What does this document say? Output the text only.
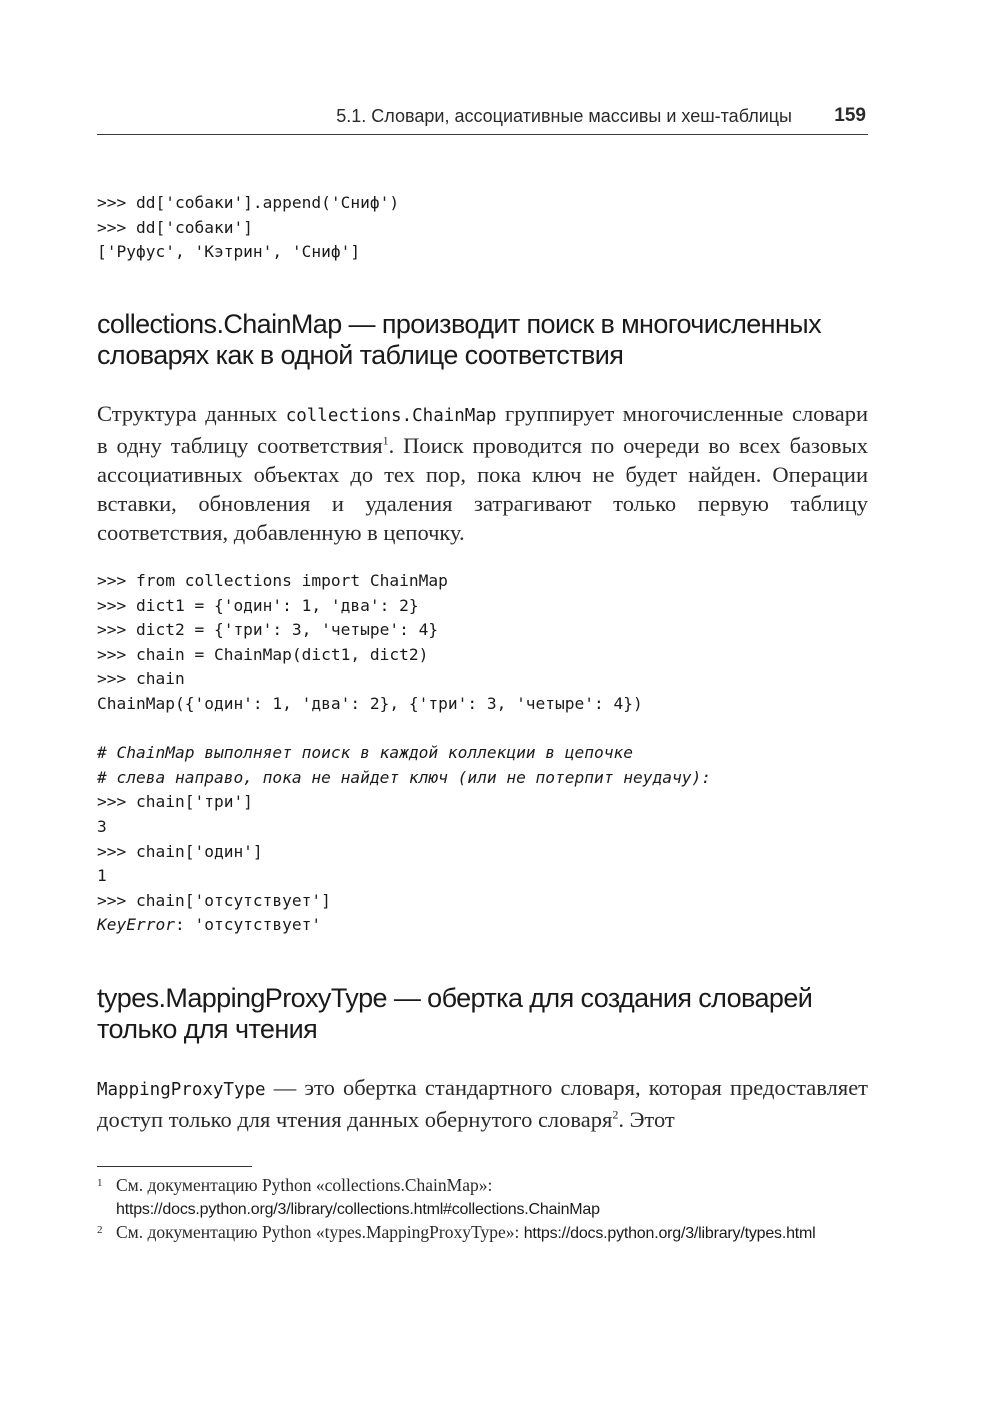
5.1. Словари, ассоциативные массивы и хеш-таблицы 159
>>> dd['собаки'].append('Сниф')
>>> dd['собаки']
['Руфус', 'Кэтрин', 'Сниф']
collections.ChainMap — производит поиск в многочисленных
словарях как в одной таблице соответствия

Структура данных collections.ChainMap группирует многочисленные словари в одну таблицу соответствия$^1$. Поиск проводится по очереди во всех базовых ассоциативных объектах до тех пор, пока ключ не будет найден. Операции вставки, обновления и удаления затрагивают только первую таблицу соответствия, добавленную в цепочку.

>>> from collections import ChainMap
>>> dict1 = {'один': 1, 'два': 2}
>>> dict2 = {'три': 3, 'четыре': 4}
>>> chain = ChainMap(dict1, dict2)
>>> chain
ChainMap({'один': 1, 'два': 2}, {'три': 3, 'четыре': 4})
# ChainMap выполняет поиск в каждой коллекции в цепочке
# слева направо, пока не найдет ключ (или не потерпит неудачу):
>>> chain['три']
3
>>> chain['один']
1
>>> chain['отсутствует']
KeyError: 'отсутствует'
types.MappingProxyType — обертка для создания словарей
только для чтения

MappingProxyType — это обертка стандартного словаря, которая предоставляет доступ только для чтения данных обернутого словаря$^2$. Этот

1 См. документацию Python «collections.ChainMap»: https://docs.python.org/3/library/collections.html#collections.ChainMap
2 См. документацию Python «types.MappingProxyType»: https://docs.python.org/3/library/types.html
